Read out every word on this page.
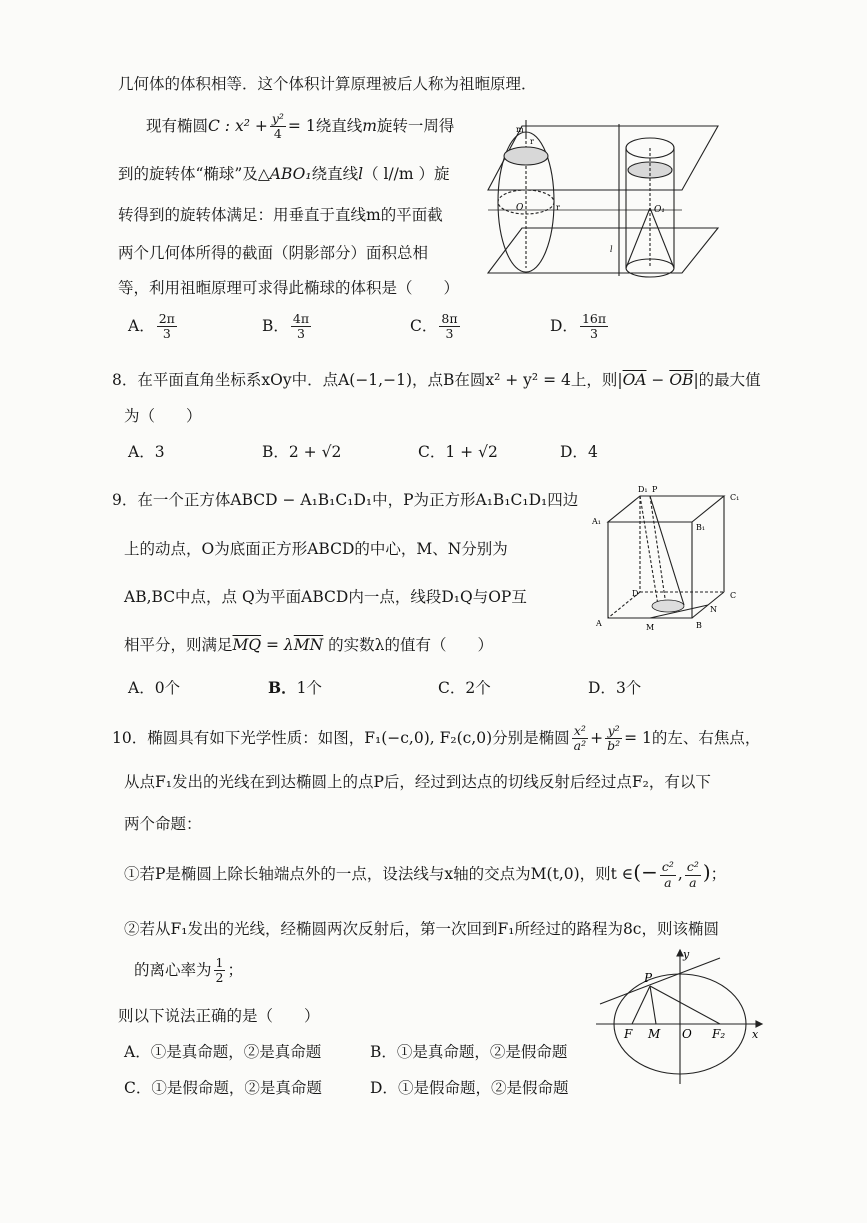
几何体的体积相等．这个体积计算原理被后人称为祖暅原理．
现有椭圆C : $x^2 + \frac{\text{y²}}{4} = 1$绕直线m旋转一周得
到的旋转体“椭球”及△ABO₁绕直线l（ l//m ）旋
转得到的旋转体满足：用垂直于直线m的平面截
两个几何体所得的截面（阴影部分）面积总相
等，利用祖暅原理可求得此椭球的体积是（　　）
A． $\frac{2\pi}{3}$	B． $\frac{4\pi}{3}$	C． $\frac{8\pi}{3}$	D． $\frac{16\pi}{3}$
m
r
O	r	O₁
l
8．在平面直角坐标系xOy中．点A(−1,−1)，点B在圆x² + y² = 4上，则$|\overline{OA} - \overline{OB}|$的最大值
为（　　）
A．3	B．2 + √2	C．1 + √2	D．4
9．在一个正方体ABCD − A₁B₁C₁D₁中，P为正方形A₁B₁C₁D₁四边
上的动点，O为底面正方形ABCD的中心，M、N分别为
AB,BC中点，点 Q为平面ABCD内一点，线段D₁Q与OP互
相平分，则满足$\overline{MQ} = \lambda\overline{MN}$ 的实数λ的值有（　　）
A．0个	B．1个	C．2个	D．3个
D₁ P
C₁
A₁
B₁
D	C
A	M	B
N
10．椭圆具有如下光学性质：如图，F₁(−c,0), F₂(c,0)分别是椭圆 $\frac{\text{x²}}{\text{a²}} + \frac{\text{y²}}{\text{b²}} = 1$的左、右焦点，
从点F₁发出的光线在到达椭圆上的点P后，经过到达点的切线反射后经过点F₂，有以下
两个命题：
①若P是椭圆上除长轴端点外的一点，设法线与x轴的交点为M(t,0)，则t ∈(− $\frac{\text{c²}}{a}$ , $\frac{\text{c²}}{a}$ )；
②若从F₁发出的光线，经椭圆两次反射后，第一次回到F₁所经过的路程为8c，则该椭圆
的离心率为 $\frac{1}{2}$ ；
则以下说法正确的是（　　）
A．①是真命题，②是真命题	B．①是真命题，②是假命题
C．①是假命题，②是真命题	D．①是假命题，②是假命题
y
P
F M O F₂ x
